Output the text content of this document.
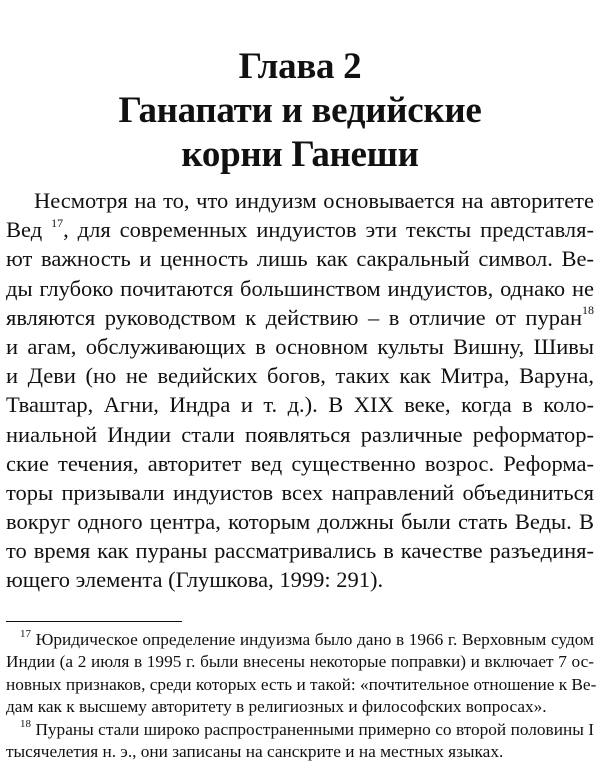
Глава 2
Ганапати и ведийские
корни Ганеши
Несмотря на то, что индуизм основывается на авторитете
Вед $^{17}$, для современных индуистов эти тексты представля-
ют важность и ценность лишь как сакральный символ. Ве-
ды глубоко почитаются большинством индуистов, однако не
являются руководством к действию – в отличие от пуран$^{18}$
и агам, обслуживающих в основном культы Вишну, Шивы
и Деви (но не ведийских богов, таких как Митра, Варуна,
Тваштар, Агни, Индра и т. д.). В XIX веке, когда в коло-
ниальной Индии стали появляться различные реформатор-
ские течения, авторитет вед существенно возрос. Реформа-
торы призывали индуистов всех направлений объединиться
вокруг одного центра, которым должны были стать Веды. В
то время как пураны рассматривались в качестве разъединя-
ющего элемента (Глушкова, 1999: 291).
$^{17}$ Юридическое определение индуизма было дано в 1966 г. Верховным судом
Индии (а 2 июля в 1995 г. были внесены некоторые поправки) и включает 7 ос-
новных признаков, среди которых есть и такой: «почтительное отношение к Ве-
дам как к высшему авторитету в религиозных и философских вопросах».
$^{18}$ Пураны стали широко распространенными примерно со второй половины I
тысячелетия н. э., они записаны на санскрите и на местных языках.
